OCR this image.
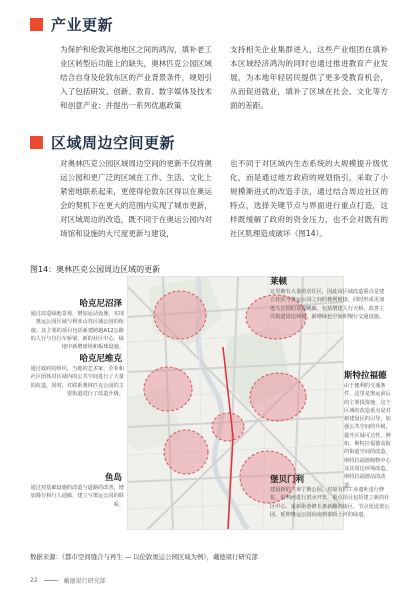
产业更新
为保护和伦敦其他地区之间的鸿沟，填补老工业区转型后功能上的缺失，奥林匹克公园区域结合自身及伦敦东区的产业背景条件，规划引入了包括研发、创新、教育、数字媒体及技术和创意产业；并提出一系列优惠政策
支持相关企业集群进入，这些产业组团在填补本区域经济鸿沟的同时也通过推进教育产业发展，为本地年轻居民提供了更多受教育机会，从而促进就业，填补了区域在社会、文化等方面的差距。
区域周边空间更新
对奥林匹克公园区域周边空间的更新不仅将奥运公园和更广泛的区域在工作、生活、文化上紧密地联系起来，更使得伦敦东区得以在奥运会的契机下在更大的范围内实现了城市更新，对区域周边的改造，既不同于在奥运公园内对场馆和设施的大尺度更新与建设，
也不同于对区域内生态系统的大规模提升级优化，而是通过地方政府的规划指引，采取了小规模渐进式的改造手法，通过结合周边社区的特点，选择关键节点与界面进行重点打造，这样既缓解了政府的资金压力，也不会对既有的社区肌理造成破坏（图14）。
图14：奥林匹克公园周边区域的更新
哈克尼沼泽
通过改造绿地景观、增加运动设施，实现奥运公园区域与利亚山谷区域公园的衔接。其主要的项目包括新建跨越A12公路的人行与自行车桥梁、新的社区中心、绿地中新增球场和板球设施。
莱顿
这里拥有大量的居住区，因此该区域改造重点是建立社区与奥运公园之间的便利链接，同时形成更加进入公园的景观眺廊，包括增建人行天桥，改善主次街道周边环境，新增绿色空间和慢行交通设施。
哈克尼维克
通过政府的组织，当地的艺术家、企业和社区团体对区域内的公共空间进行了大量的改造，同时，对联系奥林匹克公园的主要街道进行了改造升级。
斯特拉福德
由于便利的交通条件，这里是奥运前后的主要投资地，这个区域的改造重点是对新建设区的引导，加强公共空间的升级，提升区域可达性。例如，斯特拉福德高街的街道空间的改造，斯特拉福德购物中心及其周边环境改造，斯特拉福德站的改造。
鱼岛
通过对基础设施的改造与道路的改善，增加骑行和行人通廊，建立与奥运公园的联系。
堡贝门利
建设新的三米宁斯公园，对原有的工业遗址进行修复，沿利河进行滨水开发，重点项目包括建立新的社区中心、重新街巷修长条新翻的街区，节点处设置公园，延伸奥运公园向南到泰晤士河的绿道。
数据来源：《都市空间缝合与再生 — 以伦敦奥运公园区域为例》，戴德梁行研究部
22	戴德梁行研究部
